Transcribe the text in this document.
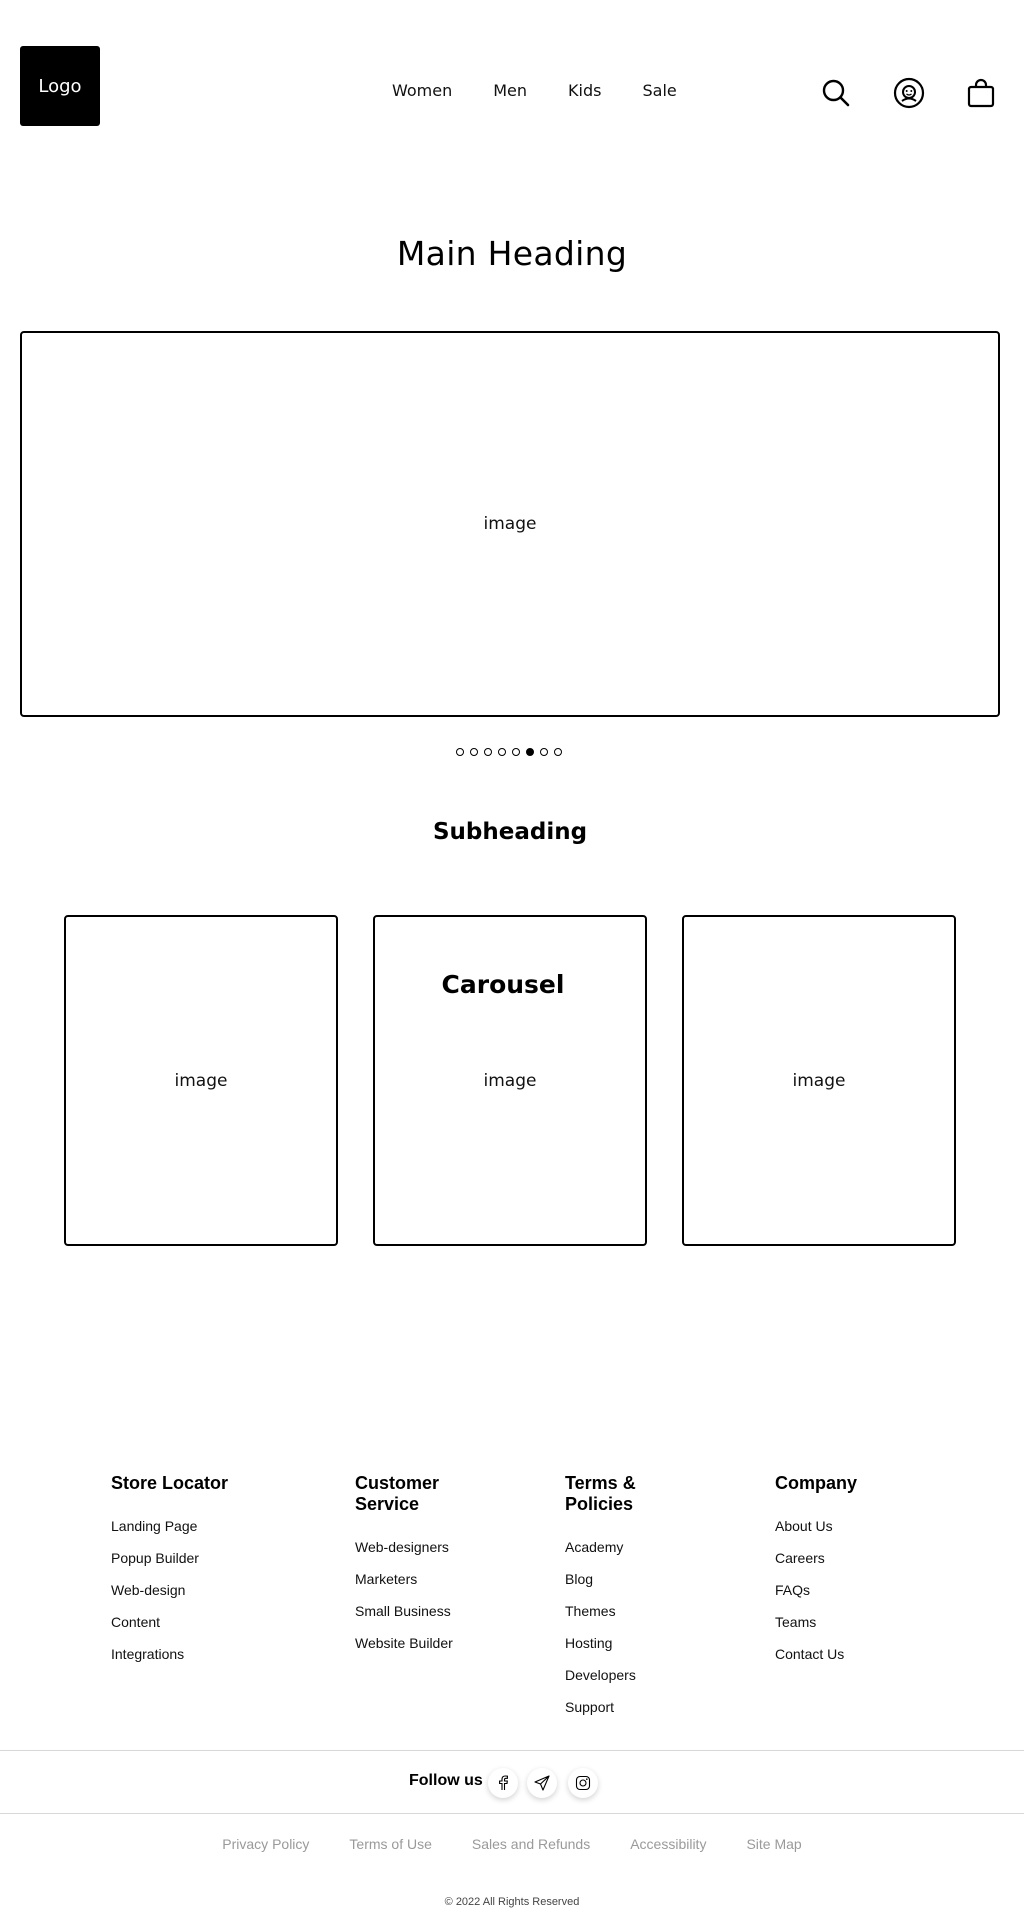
Logo	Women	Men	Kids	Sale
Main Heading
image
Subheading
image	image
Carousel
image
Store Locator
Landing Page
Popup Builder
Web-design
Content
Integrations
Customer Service
Web-designers
Marketers
Small Business
Website Builder
Terms & Policies
Academy
Blog
Themes
Hosting
Developers
Support
Company
About Us
Careers
FAQs
Teams
Contact Us
Follow us
Privacy Policy	Terms of Use	Sales and Refunds	Accessibility	Site Map
© 2022 All Rights Reserved
